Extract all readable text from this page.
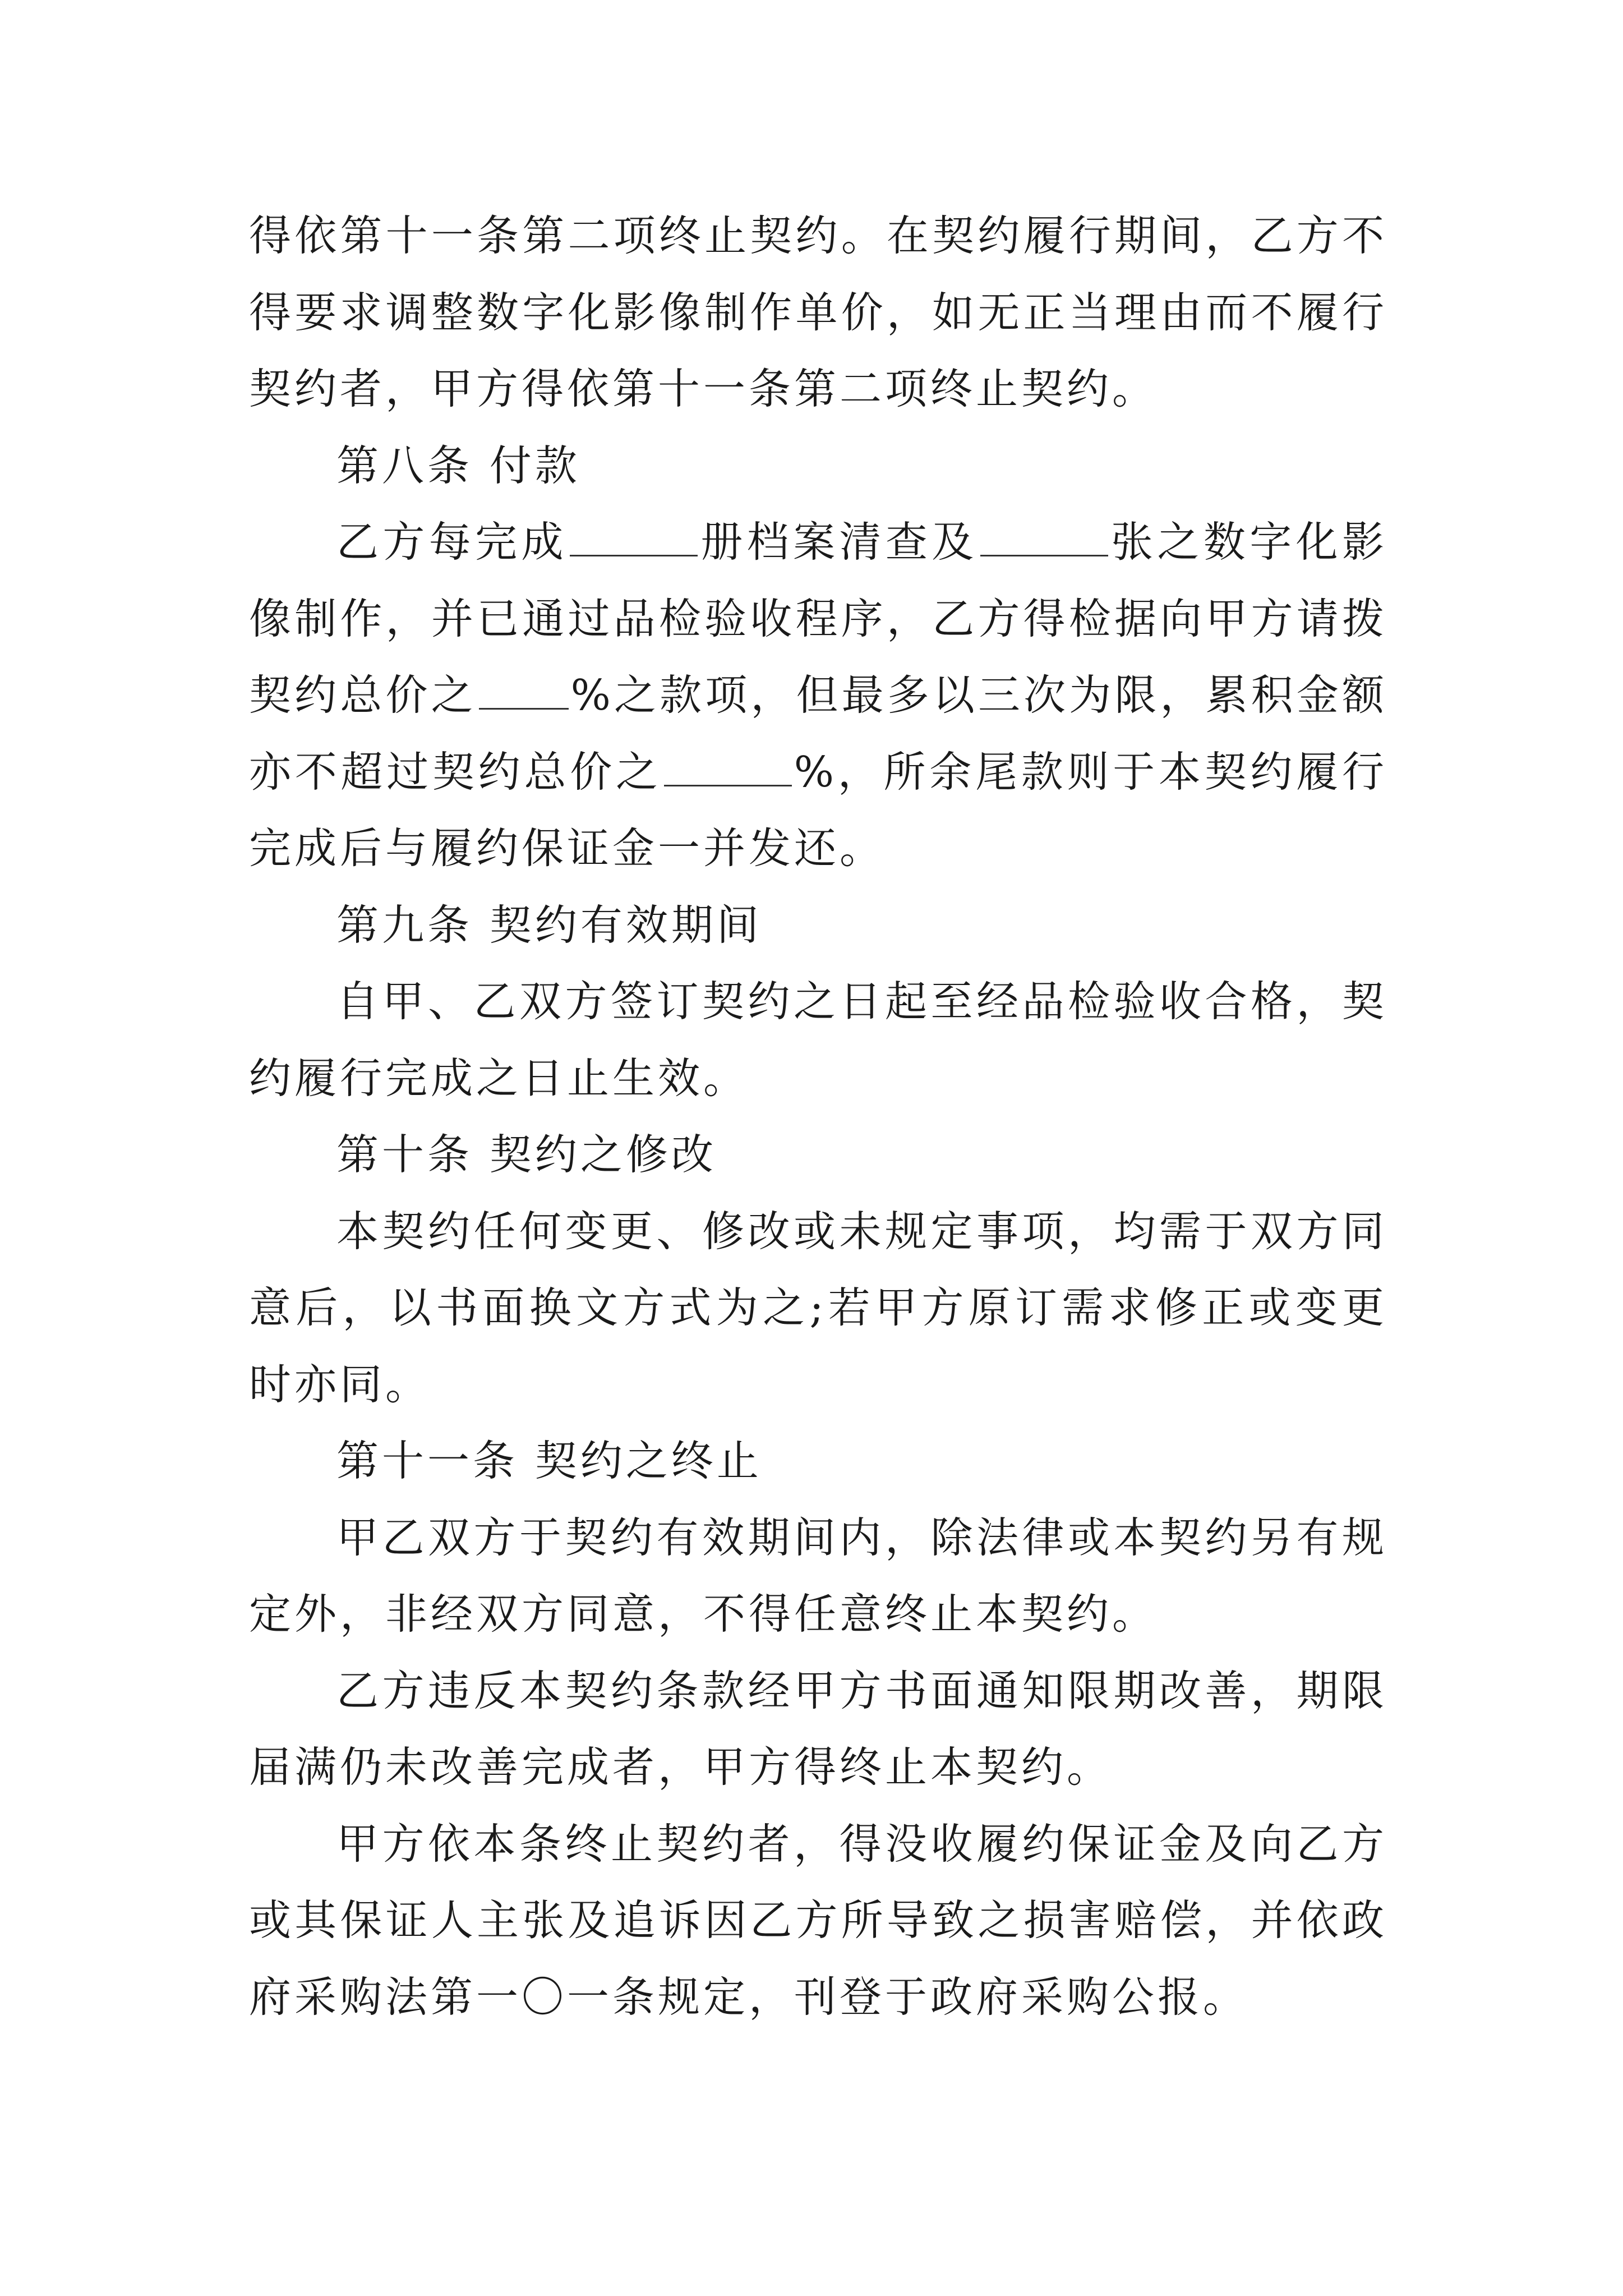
得依第十一条第二项终止契约。在契约履行期间，乙方不得要求调整数字化影像制作单价，如无正当理由而不履行契约者，甲方得依第十一条第二项终止契约。

第八条 付款

乙方每完成	册档案清查及	张之数字化影像制作，并已通过品检验收程序，乙方得检据向甲方请拨契约总价之 %之款项，但最多以三次为限，累积金额亦不超过契约总价之	%，所余尾款则于本契约履行完成后与履约保证金一并发还。

第九条 契约有效期间

自甲、乙双方签订契约之日起至经品检验收合格，契约履行完成之日止生效。

第十条 契约之修改

本契约任何变更、修改或未规定事项，均需于双方同意后，以书面换文方式为之;若甲方原订需求修正或变更时亦同。

第十一条 契约之终止

甲乙双方于契约有效期间内，除法律或本契约另有规定外，非经双方同意，不得任意终止本契约。

乙方违反本契约条款经甲方书面通知限期改善，期限届满仍未改善完成者，甲方得终止本契约。

甲方依本条终止契约者，得没收履约保证金及向乙方或其保证人主张及追诉因乙方所导致之损害赔偿，并依政府采购法第一〇一条规定，刊登于政府采购公报。
